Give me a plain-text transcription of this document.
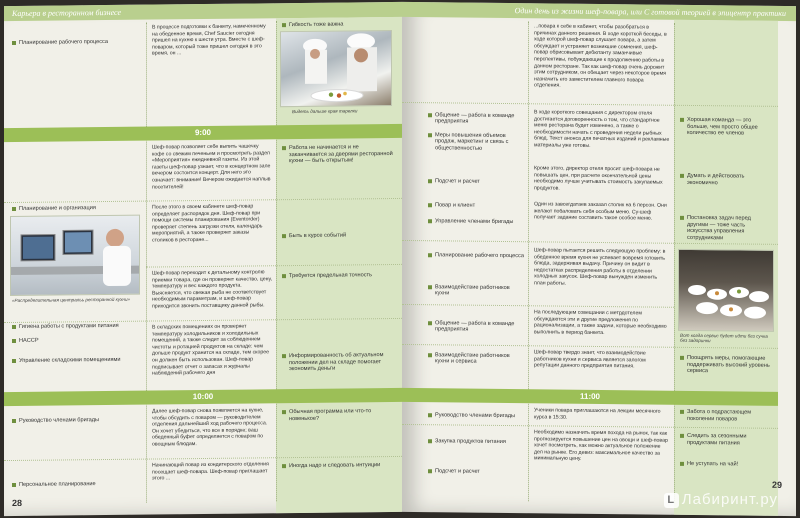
Карьера в ресторанном бизнесе
Планирование рабочего процесса
В процессе подготовки к банкету, намеченному на обеденное время, Chef Saucier сегодня пришел на кухню к шести утра. Вместе с шеф-поваром, который тоже пришел сегодня в это время, он ...
Гибкость тоже важна
Видеть дальше края тарелки
9:00
Шеф-повар позволяет себе выпить чашечку кофе со свежим печеньем и просмотреть раздел «Мероприятия» ежедневной газеты. Из этой газеты шеф-повар узнает, что в концертном зале вечером состоится концерт. Для него это означает: внимание! Вечером ожидается наплыв посетителей!
Работа не начинается и не заканчивается за дверями ресторанной кухни — быть открытым!
Планирование и организация
«Распределительная центральь ресторанной кухни»
После этого в своем кабинете шеф-повар определяет распорядок дня. Шеф-повар при помощи системы планирования (Eventorder) проверяет степень загрузки отеля, календарь мероприятий, а также проверяет заказы столиков в ресторане...
Быть в курсе событий
Шеф-повар переходит к детальному контролю приемки товара, где он проверяет качество, цену, температуру и вес каждого продукта. Выясняется, что свежая рыба не соответствует необходимым параметрам, и шеф-повар приходится звонить поставщику данной рыбы.
Требуется предельная точность
Гигиена работы с продуктами питания
HACCP
В складских помещениях он проверяет температуру холодильников и холодильных помещений, а также следит за соблюдением чистоты и ротацией продуктов на складе: чем дольше продукт хранится на складе, тем скорее он должен быть использован. Шеф-повар подписывает отчет о запасах и журналы наблюдений рабочего дня
Управление складскими помещениями
Информированность об актуальном положении дел на складе помогает экономить деньги
10:00
Руководство членами бригады
Далее шеф-повар снова появляется на кухне, чтобы обсудить с поваром — руководителем отделения дальнейший ход рабочего процесса. Он хочет убедиться, что все в порядке; ваш обеденный буфет определяется с поваром по овощным блюдам.
Обычная программа или что-то новенькое?
Персональное планирование
Начинающий повар из кондитерского отделения посещает шеф-повара. Шеф-повар приглашает этого ...
Иногда надо и следовать интуиции
28
Один день из жизни шеф-повара, или С готовой теорией в эпицентр практики
...повара к себе в кабинет, чтобы разобраться в причинах данного решения. В ходе короткой беседы, в ходе которой шеф-повар слушает повара, а затем обсуждает и устраняет возникшие сомнения, шеф-повар обрисовывает дебютанту заманчивые перспективы, побуждающие к продолжению работы в данном ресторане. Так как шеф-повар очень дорожит этим сотрудником, он обещает через некоторое время назначить его заместителем главного повара отделения.
Общение — работа в команде предприятия	Хорошая команда — это больше, чем просто общее количество ее членов
Меры повышения объемов продаж, маркетинг и связь с общественностью
В ходе короткого совещания с директором отеля достигается договоренность о том, что стандартное меню ресторана будет изменено, а также о необходимости начать с проведения недели рыбных блюд. Текст анонса для печатных изданий и рекламные материалы уже готовы.
Подсчет и расчет
Кроме этого, директор отеля просит шеф-повара не повышать цен, при расчете окончательной цены необходимо лучше учитывать стоимость закупаемых продуктов.
Думать и действовать экономично
Повар и клиент	Один из завсегдатаев заказал столик на 6 персон. Они желают побаловать себя особым меню. Су-шеф получает задание составить такое особое меню.
Управление членами бригады
Постановка задач перед другими — тоже часть искусства управления сотрудниками
Планирование рабочего процесса
Шеф-повар пытается решить следующую проблему: в обеденное время кухня не успевает вовремя готовить блюда, задерживая выдачу. Причину он видит в недостатках распределения работы в отделении холодных закусок. Шеф-повар вынужден изменить план работы.
Вот когда сервис будет идти без сучка без задоринки
Взаимодействие работников кухни
Общение — работа в команде предприятия
На последующем совещании с метрдотелем обсуждаются эти и другие предложения по рационализации, а также задачи, которые необходимо выполнить в период банкета.
Взаимодействие работников кухни и сервиса
Шеф-повар твердо знает, что взаимодействие работников кухни и сервиса является залогом репутации данного предприятия питания.
Поощрять меры, помогающие поддерживать высокий уровень сервиса
11:00
Руководство членами бригады
Ученики повара приглашаются на лекции месячного курса в 15:30.
Забота о подрастающем поколении поваров
Закупка продуктов питания
Необходимо назначить время похода на рынок, так как прогнозируется повышение цен на овощи и шеф-повар хочет посмотреть, как можно актуальное положение дел на рынке. Его девиз: максимальное качество за минимальную цену.
Следить за сезонными продуктами питания
Подсчет и расчет
Не уступать на чай!
29
L Лабиринт.ру
